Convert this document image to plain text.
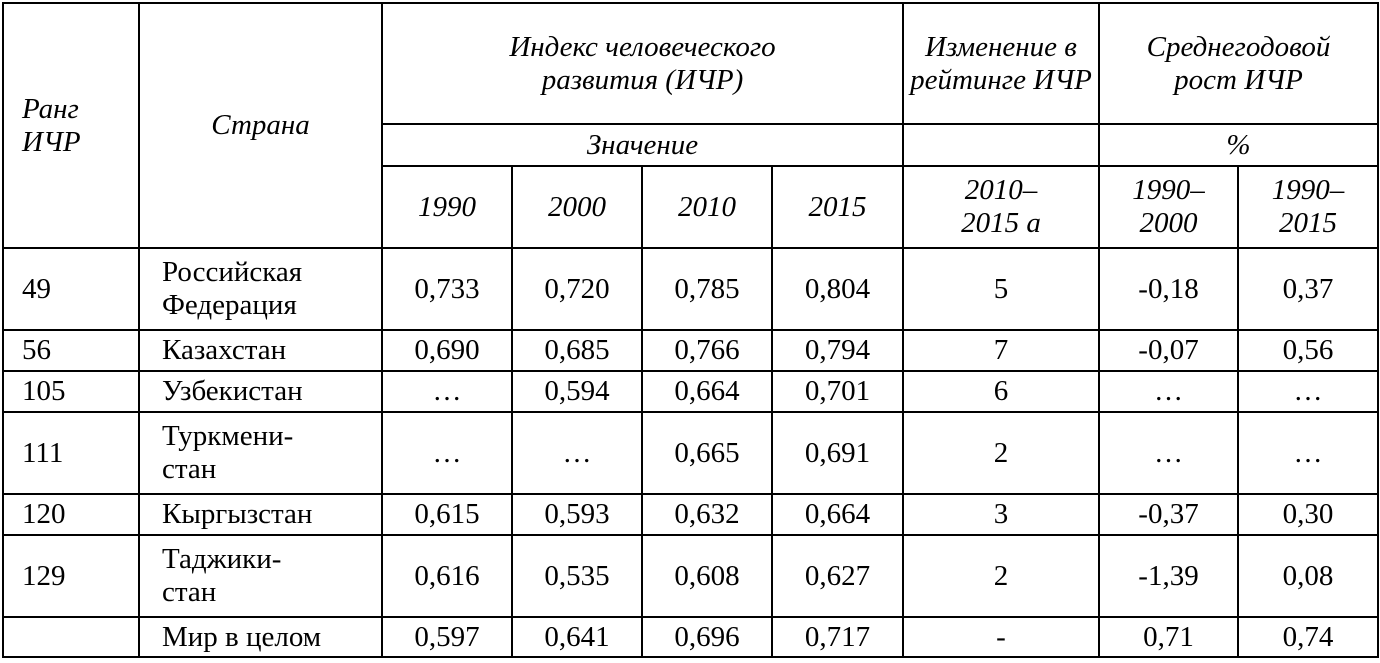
Ранг ИЧР	Страна	Индекс человеческого развития (ИЧР)				Изменение в рейтинге ИЧР	Среднегодовой рост ИЧР	
		Значение					%	
		1990	2000	2010	2015	2010– 2015 a	1990– 2000	1990– 2015
49	Российская Федерация	0,733	0,720	0,785	0,804	5	-0,18	0,37
56	Казахстан	0,690	0,685	0,766	0,794	7	-0,07	0,56
105	Узбекистан	…	0,594	0,664	0,701	6	…	…
111	Туркмени- стан	…	…	0,665	0,691	2	…	…
120	Кыргызстан	0,615	0,593	0,632	0,664	3	-0,37	0,30
129	Таджики- стан	0,616	0,535	0,608	0,627	2	-1,39	0,08
	Мир в целом	0,597	0,641	0,696	0,717	-	0,71	0,74
